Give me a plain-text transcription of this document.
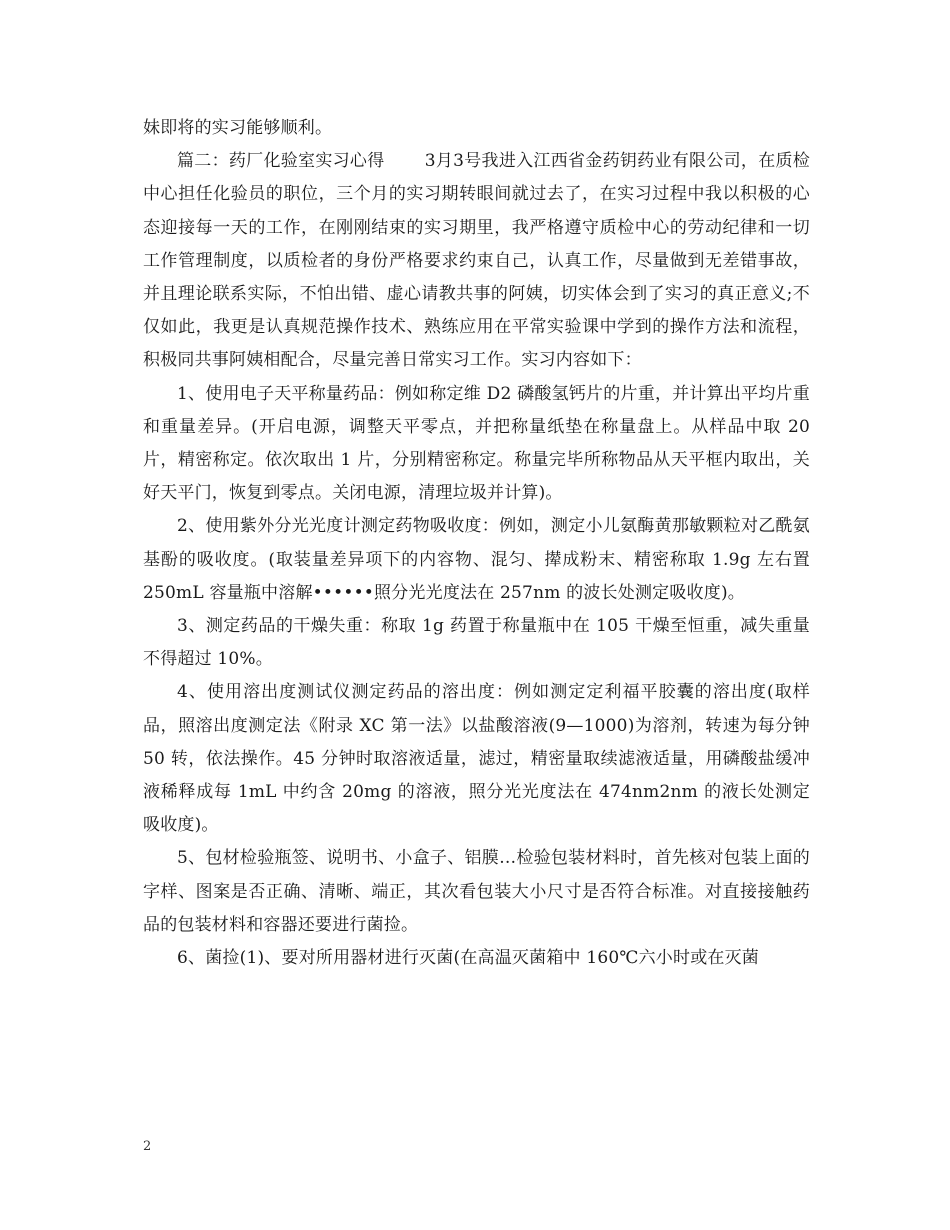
妹即将的实习能够顺利。

篇二：药厂化验室实习心得　　 3月3号我进入江西省金药钥药业有限公司，在质检中心担任化验员的职位，三个月的实习期转眼间就过去了，在实习过程中我以积极的心态迎接每一天的工作，在刚刚结束的实习期里，我严格遵守质检中心的劳动纪律和一切工作管理制度，以质检者的身份严格要求约束自己，认真工作，尽量做到无差错事故，并且理论联系实际，不怕出错、虚心请教共事的阿姨，切实体会到了实习的真正意义;不仅如此，我更是认真规范操作技术、熟练应用在平常实验课中学到的操作方法和流程，积极同共事阿姨相配合，尽量完善日常实习工作。实习内容如下：

1、使用电子天平称量药品：例如称定维 D2 磷酸氢钙片的片重，并计算出平均片重和重量差异。(开启电源，调整天平零点，并把称量纸垫在称量盘上。从样品中取 20 片，精密称定。依次取出 1 片，分别精密称定。称量完毕所称物品从天平框内取出，关好天平门，恢复到零点。关闭电源，清理垃圾并计算)。

2、使用紫外分光光度计测定药物吸收度：例如，测定小儿氨酶黄那敏颗粒对乙酰氨基酚的吸收度。(取装量差异项下的内容物、混匀、撵成粉末、精密称取 1.9g 左右置 250mL 容量瓶中溶解••••••照分光光度法在 257nm 的波长处测定吸收度)。

3、测定药品的干燥失重：称取 1g 药置于称量瓶中在 105 干燥至恒重，减失重量不得超过 10%。

4、使用溶出度测试仪测定药品的溶出度：例如测定定利福平胶囊的溶出度(取样品，照溶出度测定法《附录 XC 第一法》以盐酸溶液(9—1000)为溶剂，转速为每分钟 50 转，依法操作。45 分钟时取溶液适量，滤过，精密量取续滤液适量，用磷酸盐缓冲液稀释成每 1mL 中约含 20mg 的溶液，照分光光度法在 474nm2nm 的液长处测定吸收度)。

5、包材检验瓶签、说明书、小盒子、铝膜…检验包装材料时，首先核对包装上面的字样、图案是否正确、清晰、端正，其次看包装大小尺寸是否符合标准。对直接接触药品的包装材料和容器还要进行菌捡。

6、菌捡(1)、要对所用器材进行灭菌(在高温灭菌箱中 160℃六小时或在灭菌

2
